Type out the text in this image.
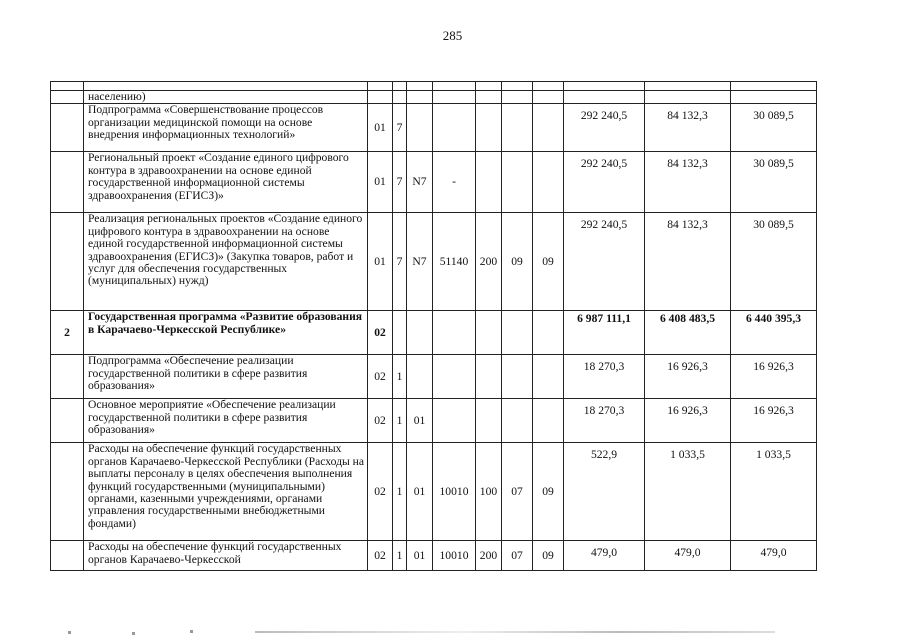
285

	населению)										
	Подпрограмма «Совершенствование процессов организации медицинской помощи на основе внедрения информационных технологий»	01	7						292 240,5	84 132,3	30 089,5
	Региональный проект «Создание единого цифрового контура в здравоохранении на основе единой государственной информационной системы здравоохранения (ЕГИСЗ)»	01	7	N7	-				292 240,5	84 132,3	30 089,5
	Реализация региональных проектов «Создание единого цифрового контура в здравоохранении на основе единой государственной информационной системы здравоохранения (ЕГИСЗ)» (Закупка товаров, работ и услуг для обеспечения государственных (муниципальных) нужд)	01	7	N7	51140	200	09	09	292 240,5	84 132,3	30 089,5
2	Государственная программа «Развитие образования в Карачаево-Черкесской Республике»	02							6 987 111,1	6 408 483,5	6 440 395,3
	Подпрограмма «Обеспечение реализации государственной политики в сфере развития образования»	02	1						18 270,3	16 926,3	16 926,3
	Основное мероприятие «Обеспечение реализации государственной политики в сфере развития образования»	02	1	01					18 270,3	16 926,3	16 926,3
	Расходы на обеспечение функций государственных органов Карачаево-Черкесской Республики (Расходы на выплаты персоналу в целях обеспечения выполнения функций государственными (муниципальными) органами, казенными учреждениями, органами управления государственными внебюджетными фондами)	02	1	01	10010	100	07	09	522,9	1 033,5	1 033,5
	Расходы на обеспечение функций государственных органов Карачаево-Черкесской	02	1	01	10010	200	07	09	479,0	479,0	479,0
